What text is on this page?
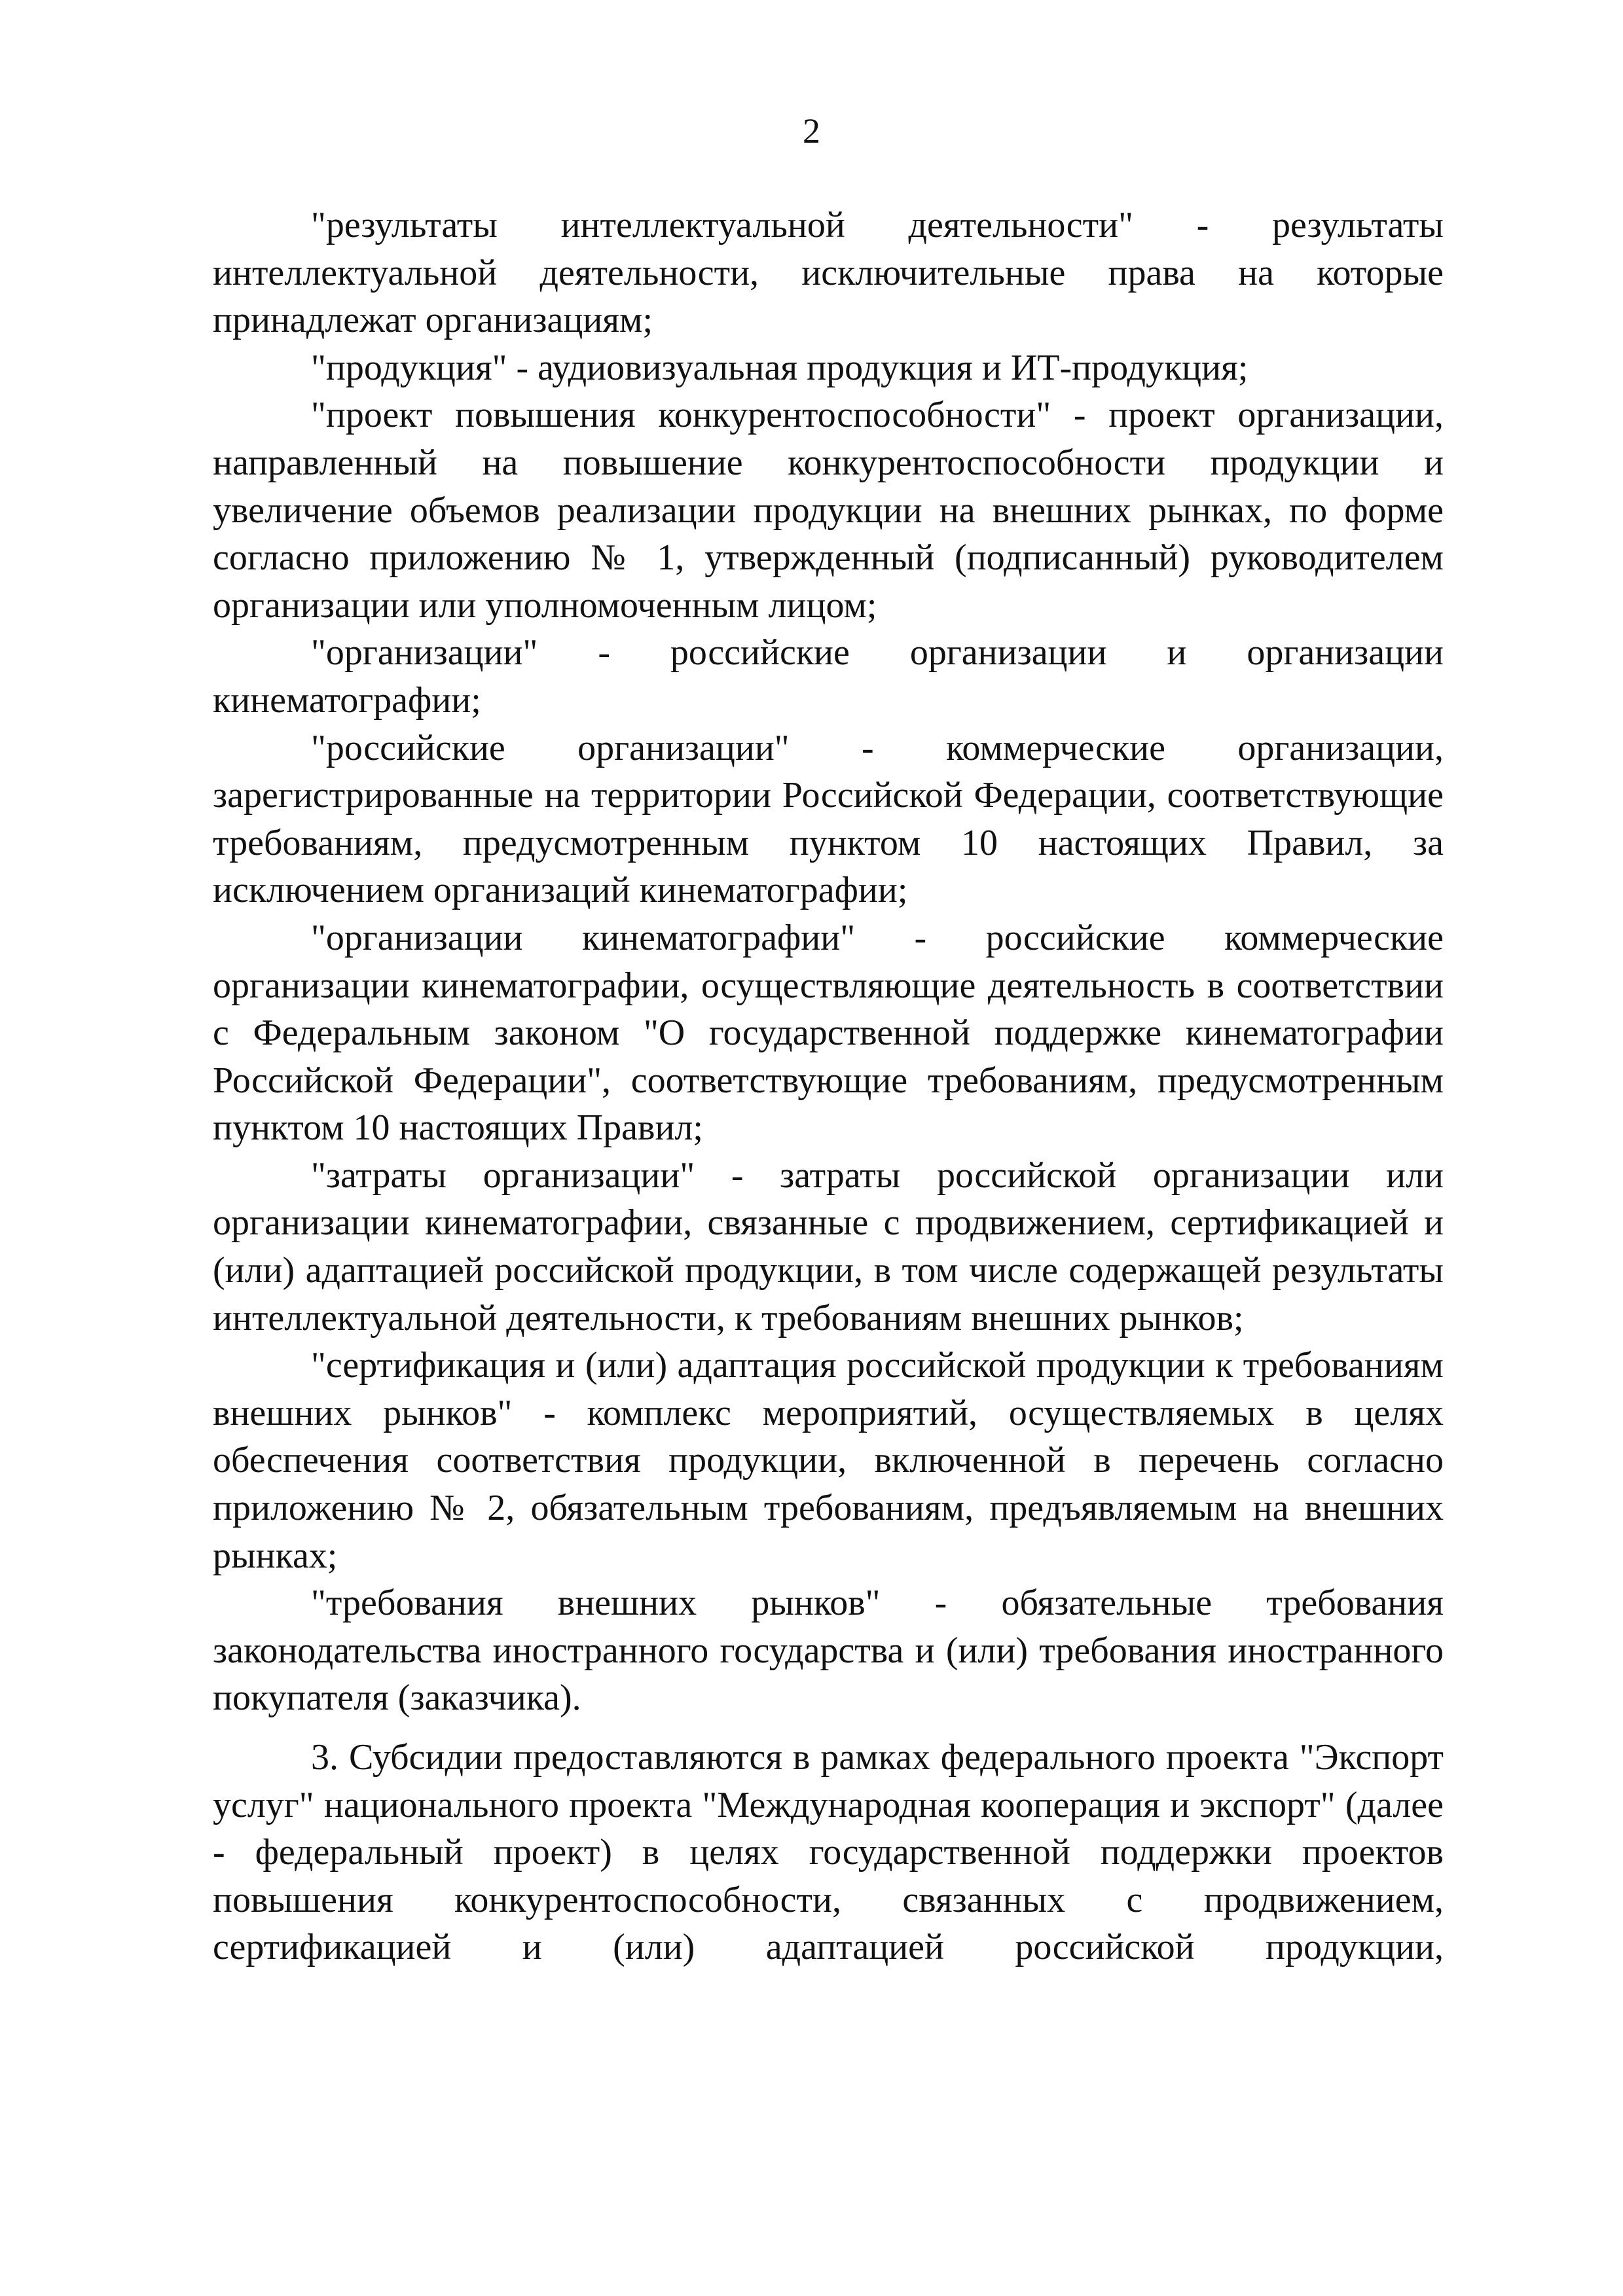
2

"результаты интеллектуальной деятельности" - результаты интеллектуальной деятельности, исключительные права на которые принадлежат организациям;

"продукция" - аудиовизуальная продукция и ИТ-продукция;

"проект повышения конкурентоспособности" - проект организации, направленный на повышение конкурентоспособности продукции и увеличение объемов реализации продукции на внешних рынках, по форме согласно приложению № 1, утвержденный (подписанный) руководителем организации или уполномоченным лицом;

"организации" - российские организации и организации кинематографии;

"российские организации" - коммерческие организации, зарегистрированные на территории Российской Федерации, соответствующие требованиям, предусмотренным пунктом 10 настоящих Правил, за исключением организаций кинематографии;

"организации кинематографии" - российские коммерческие организации кинематографии, осуществляющие деятельность в соответствии с Федеральным законом "О государственной поддержке кинематографии Российской Федерации", соответствующие требованиям, предусмотренным пунктом 10 настоящих Правил;

"затраты организации" - затраты российской организации или организации кинематографии, связанные с продвижением, сертификацией и (или) адаптацией российской продукции, в том числе содержащей результаты интеллектуальной деятельности, к требованиям внешних рынков;

"сертификация и (или) адаптация российской продукции к требованиям внешних рынков" - комплекс мероприятий, осуществляемых в целях обеспечения соответствия продукции, включенной в перечень согласно приложению № 2, обязательным требованиям, предъявляемым на внешних рынках;

"требования внешних рынков" - обязательные требования законодательства иностранного государства и (или) требования иностранного покупателя (заказчика).

3. Субсидии предоставляются в рамках федерального проекта "Экспорт услуг" национального проекта "Международная кооперация и экспорт" (далее - федеральный проект) в целях государственной поддержки проектов повышения конкурентоспособности, связанных с продвижением, сертификацией и (или) адаптацией российской продукции,
